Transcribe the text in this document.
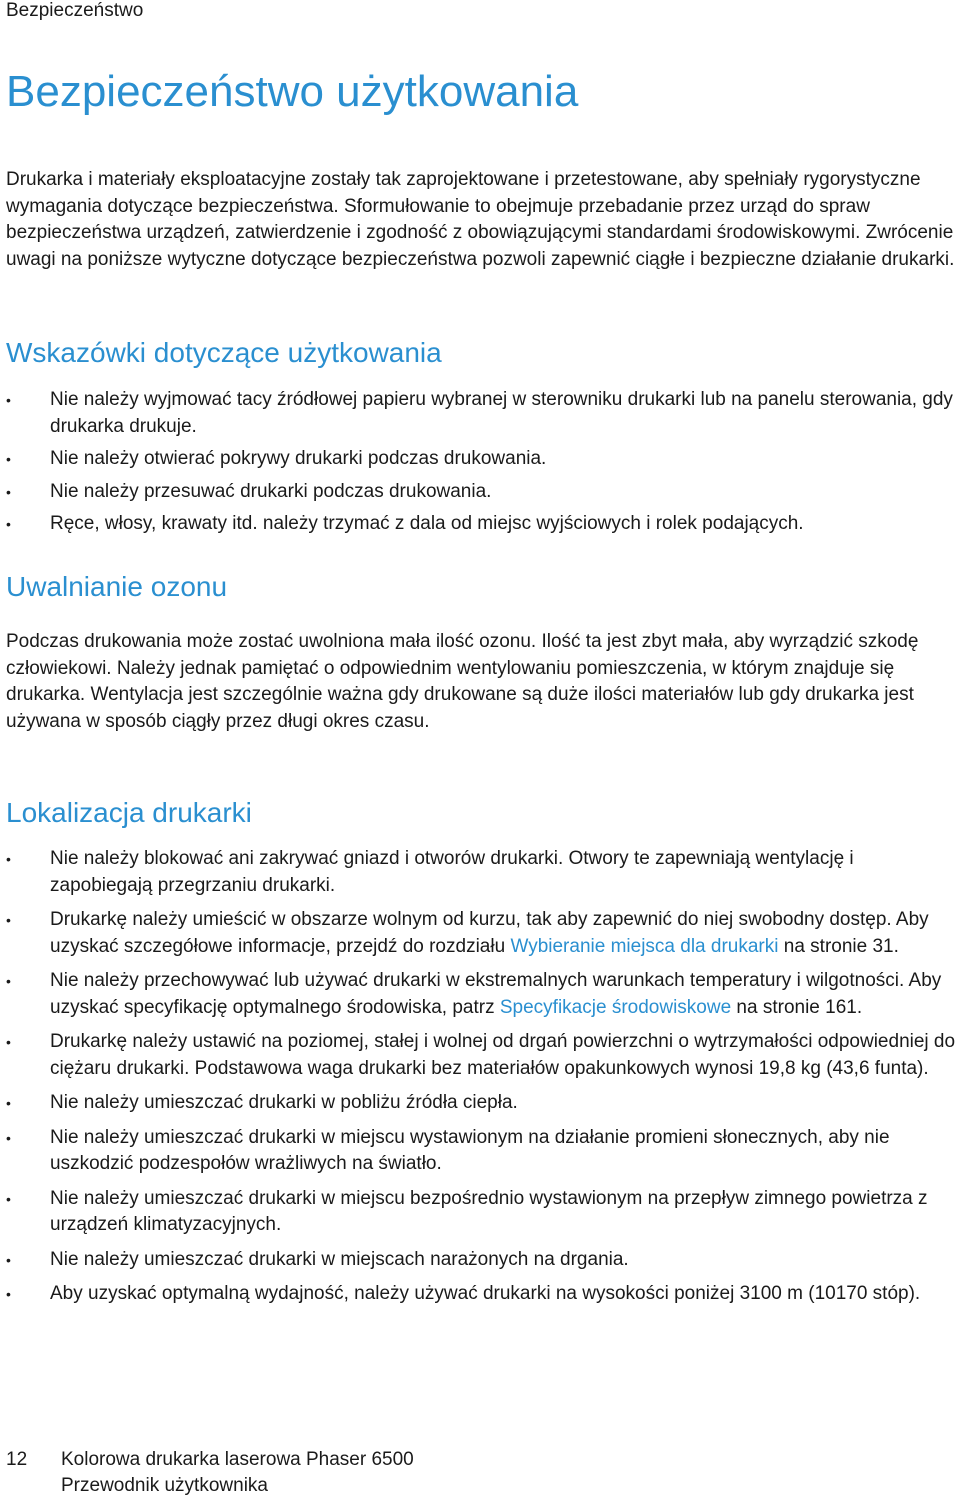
Bezpieczeństwo
Bezpieczeństwo użytkowania

Drukarka i materiały eksploatacyjne zostały tak zaprojektowane i przetestowane, aby spełniały rygorystyczne wymagania dotyczące bezpieczeństwa. Sformułowanie to obejmuje przebadanie przez urząd do spraw bezpieczeństwa urządzeń, zatwierdzenie i zgodność z obowiązującymi standardami środowiskowymi. Zwrócenie uwagi na poniższe wytyczne dotyczące bezpieczeństwa pozwoli zapewnić ciągłe i bezpieczne działanie drukarki.

Wskazówki dotyczące użytkowania
•	Nie należy wyjmować tacy źródłowej papieru wybranej w sterowniku drukarki lub na panelu sterowania, gdy drukarka drukuje.
•	Nie należy otwierać pokrywy drukarki podczas drukowania.
•	Nie należy przesuwać drukarki podczas drukowania.
•	Ręce, włosy, krawaty itd. należy trzymać z dala od miejsc wyjściowych i rolek podających.
Uwalnianie ozonu

Podczas drukowania może zostać uwolniona mała ilość ozonu. Ilość ta jest zbyt mała, aby wyrządzić szkodę człowiekowi. Należy jednak pamiętać o odpowiednim wentylowaniu pomieszczenia, w którym znajduje się drukarka. Wentylacja jest szczególnie ważna gdy drukowane są duże ilości materiałów lub gdy drukarka jest używana w sposób ciągły przez długi okres czasu.

Lokalizacja drukarki
•	Nie należy blokować ani zakrywać gniazd i otworów drukarki. Otwory te zapewniają wentylację i zapobiegają przegrzaniu drukarki.
•	Drukarkę należy umieścić w obszarze wolnym od kurzu, tak aby zapewnić do niej swobodny dostęp. Aby uzyskać szczegółowe informacje, przejdź do rozdziału Wybieranie miejsca dla drukarki na stronie 31.
•	Nie należy przechowywać lub używać drukarki w ekstremalnych warunkach temperatury i wilgotności. Aby uzyskać specyfikację optymalnego środowiska, patrz Specyfikacje środowiskowe na stronie 161.
•	Drukarkę należy ustawić na poziomej, stałej i wolnej od drgań powierzchni o wytrzymałości odpowiedniej do ciężaru drukarki. Podstawowa waga drukarki bez materiałów opakunkowych wynosi 19,8 kg (43,6 funta).
•	Nie należy umieszczać drukarki w pobliżu źródła ciepła.
•	Nie należy umieszczać drukarki w miejscu wystawionym na działanie promieni słonecznych, aby nie uszkodzić podzespołów wrażliwych na światło.
•	Nie należy umieszczać drukarki w miejscu bezpośrednio wystawionym na przepływ zimnego powietrza z urządzeń klimatyzacyjnych.
•	Nie należy umieszczać drukarki w miejscach narażonych na drgania.
•	Aby uzyskać optymalną wydajność, należy używać drukarki na wysokości poniżej 3100 m (10170 stóp).
12 Kolorowa drukarka laserowa Phaser 6500
Przewodnik użytkownika
